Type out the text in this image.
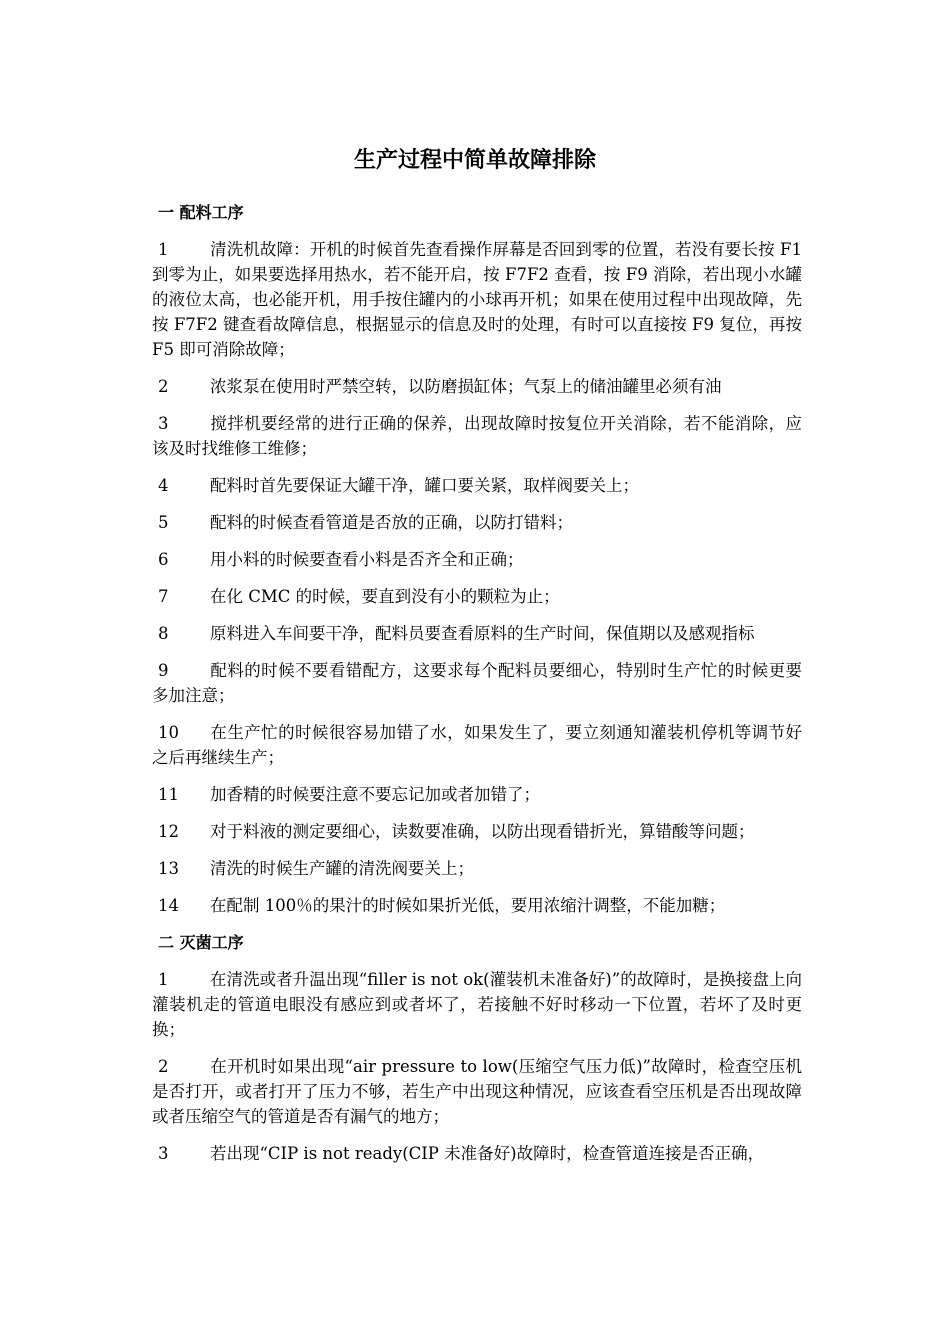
生产过程中简单故障排除
一 配料工序
1	清洗机故障：开机的时候首先查看操作屏幕是否回到零的位置，若没有要长按 F1 到零为止，如果要选择用热水，若不能开启，按 F7F2 查看，按 F9 消除，若出现小水罐的液位太高，也必能开机，用手按住罐内的小球再开机；如果在使用过程中出现故障，先按 F7F2 键查看故障信息，根据显示的信息及时的处理，有时可以直接按 F9 复位，再按 F5 即可消除故障；
2	浓浆泵在使用时严禁空转，以防磨损缸体；气泵上的储油罐里必须有油
3	搅拌机要经常的进行正确的保养，出现故障时按复位开关消除，若不能消除，应该及时找维修工维修；
4	配料时首先要保证大罐干净，罐口要关紧，取样阀要关上；
5	配料的时候查看管道是否放的正确，以防打错料；
6	用小料的时候要查看小料是否齐全和正确；
7	在化 CMC 的时候，要直到没有小的颗粒为止；
8	原料进入车间要干净，配料员要查看原料的生产时间，保值期以及感观指标
9	配料的时候不要看错配方，这要求每个配料员要细心，特别时生产忙的时候更要多加注意；
10 在生产忙的时候很容易加错了水，如果发生了，要立刻通知灌装机停机等调节好之后再继续生产；
11 加香精的时候要注意不要忘记加或者加错了；
12 对于料液的测定要细心，读数要准确，以防出现看错折光，算错酸等问题；
13 清洗的时候生产罐的清洗阀要关上；
14 在配制 100％的果汁的时候如果折光低，要用浓缩汁调整，不能加糖；
二 灭菌工序
1	在清洗或者升温出现“filler is not ok(灌装机未准备好)”的故障时，是换接盘上向灌装机走的管道电眼没有感应到或者坏了，若接触不好时移动一下位置，若坏了及时更换；
2	在开机时如果出现“air pressure to low(压缩空气压力低)”故障时，检查空压机是否打开，或者打开了压力不够，若生产中出现这种情况，应该查看空压机是否出现故障或者压缩空气的管道是否有漏气的地方；
3	若出现“CIP is not ready(CIP 未准备好)故障时，检查管道连接是否正确，
